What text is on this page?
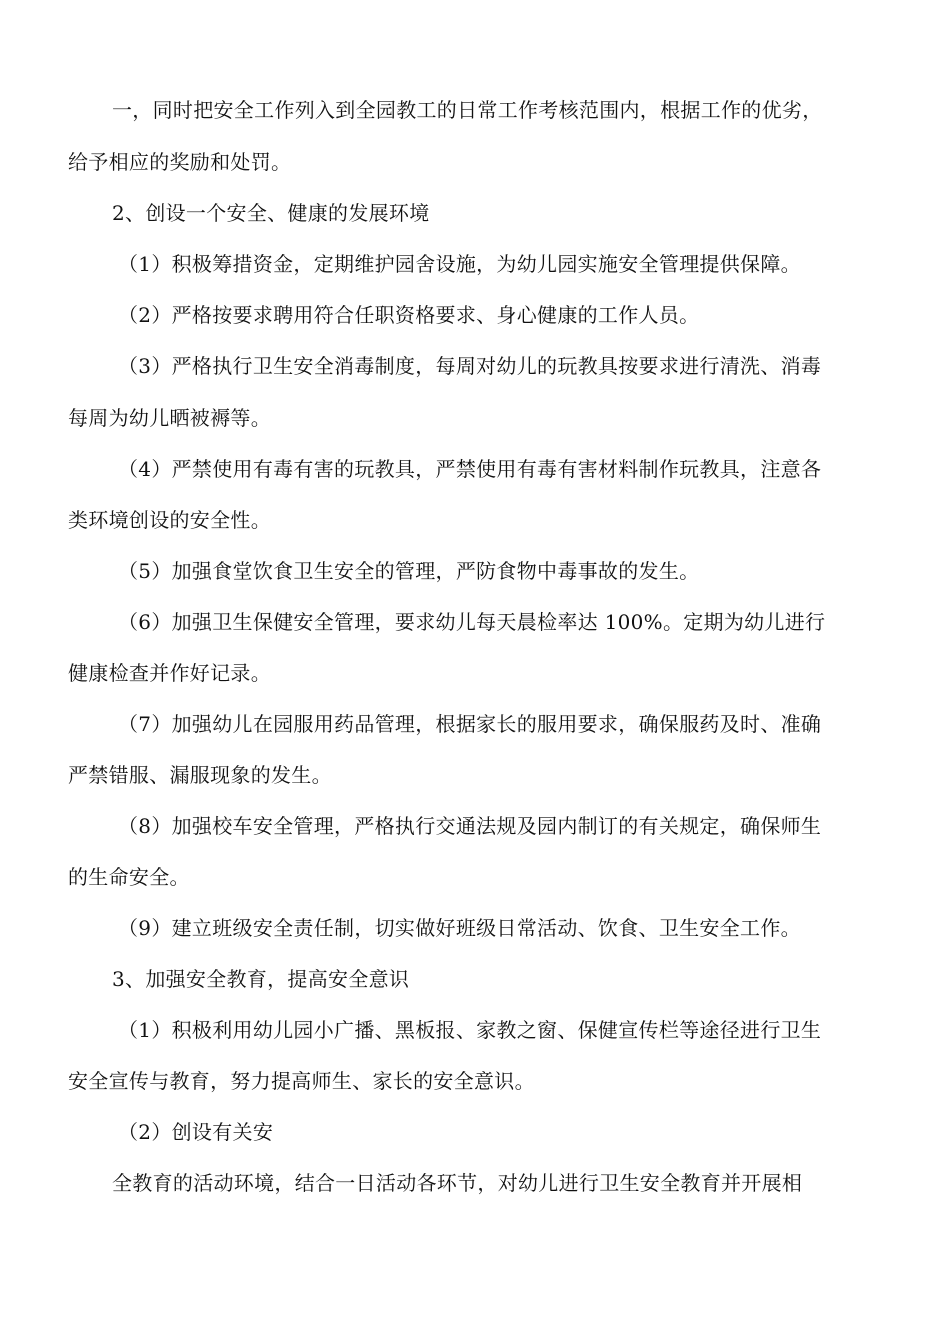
一，同时把安全工作列入到全园教工的日常工作考核范围内，根据工作的优劣，
给予相应的奖励和处罚。
2、创设一个安全、健康的发展环境
（1）积极筹措资金，定期维护园舍设施，为幼儿园实施安全管理提供保障。
（2）严格按要求聘用符合任职资格要求、身心健康的工作人员。
（3）严格执行卫生安全消毒制度，每周对幼儿的玩教具按要求进行清洗、消毒
每周为幼儿晒被褥等。
（4）严禁使用有毒有害的玩教具，严禁使用有毒有害材料制作玩教具，注意各
类环境创设的安全性。
（5）加强食堂饮食卫生安全的管理，严防食物中毒事故的发生。
（6）加强卫生保健安全管理，要求幼儿每天晨检率达 100%。定期为幼儿进行
健康检查并作好记录。
（7）加强幼儿在园服用药品管理，根据家长的服用要求，确保服药及时、准确
严禁错服、漏服现象的发生。
（8）加强校车安全管理，严格执行交通法规及园内制订的有关规定，确保师生
的生命安全。
（9）建立班级安全责任制，切实做好班级日常活动、饮食、卫生安全工作。
3、加强安全教育，提高安全意识
（1）积极利用幼儿园小广播、黑板报、家教之窗、保健宣传栏等途径进行卫生
安全宣传与教育，努力提高师生、家长的安全意识。
（2）创设有关安
全教育的活动环境，结合一日活动各环节，对幼儿进行卫生安全教育并开展相
